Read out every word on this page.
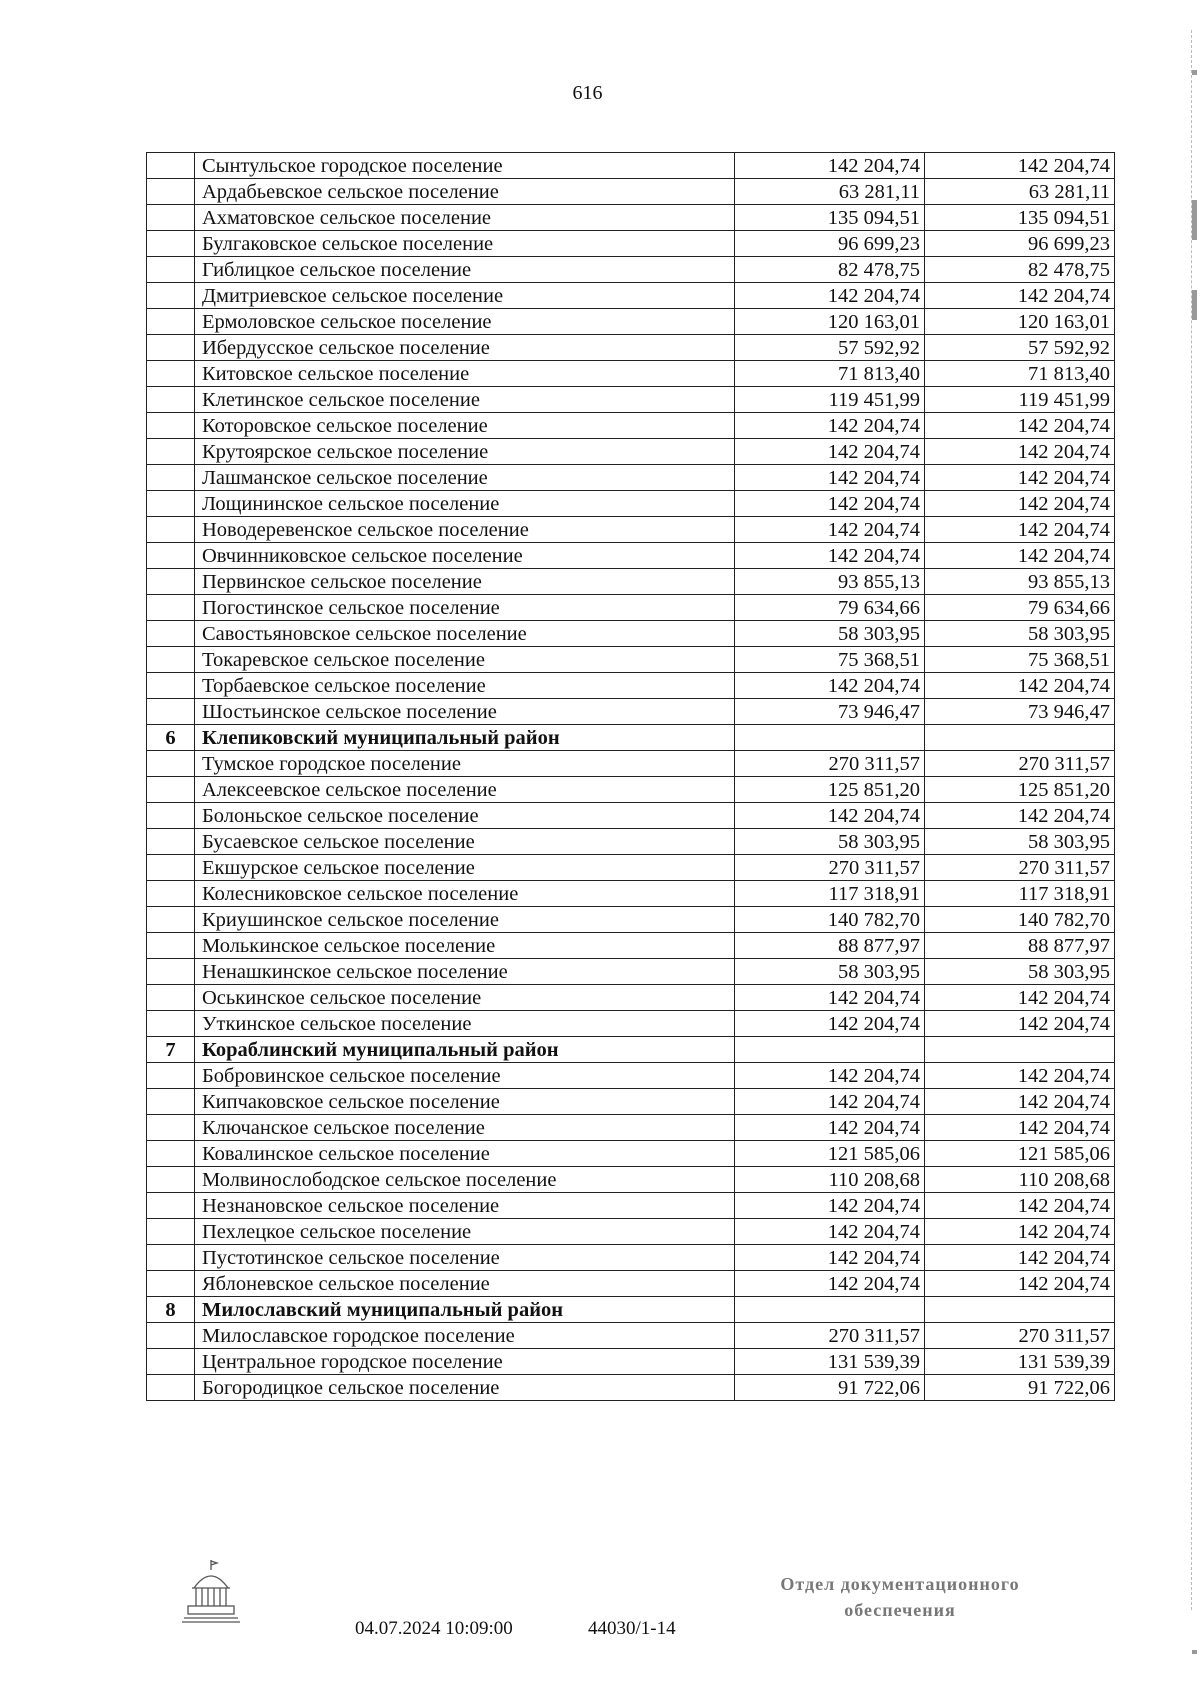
616
	Сынтульское городское поселение	142 204,74	142 204,74
	Ардабьевское сельское поселение	63 281,11	63 281,11
	Ахматовское сельское поселение	135 094,51	135 094,51
	Булгаковское сельское поселение	96 699,23	96 699,23
	Гиблицкое сельское поселение	82 478,75	82 478,75
	Дмитриевское сельское поселение	142 204,74	142 204,74
	Ермоловское сельское поселение	120 163,01	120 163,01
	Ибердусское сельское поселение	57 592,92	57 592,92
	Китовское сельское поселение	71 813,40	71 813,40
	Клетинское сельское поселение	119 451,99	119 451,99
	Которовское сельское поселение	142 204,74	142 204,74
	Крутоярское сельское поселение	142 204,74	142 204,74
	Лашманское сельское поселение	142 204,74	142 204,74
	Лощининское сельское поселение	142 204,74	142 204,74
	Новодеревенское сельское поселение	142 204,74	142 204,74
	Овчинниковское сельское поселение	142 204,74	142 204,74
	Первинское сельское поселение	93 855,13	93 855,13
	Погостинское сельское поселение	79 634,66	79 634,66
	Савостьяновское сельское поселение	58 303,95	58 303,95
	Токаревское сельское поселение	75 368,51	75 368,51
	Торбаевское сельское поселение	142 204,74	142 204,74
	Шостьинское сельское поселение	73 946,47	73 946,47
6	Клепиковский муниципальный район		
	Тумское городское поселение	270 311,57	270 311,57
	Алексеевское сельское поселение	125 851,20	125 851,20
	Болоньское сельское поселение	142 204,74	142 204,74
	Бусаевское сельское поселение	58 303,95	58 303,95
	Екшурское сельское поселение	270 311,57	270 311,57
	Колесниковское сельское поселение	117 318,91	117 318,91
	Криушинское сельское поселение	140 782,70	140 782,70
	Молькинское сельское поселение	88 877,97	88 877,97
	Ненашкинское сельское поселение	58 303,95	58 303,95
	Оськинское сельское поселение	142 204,74	142 204,74
	Уткинское сельское поселение	142 204,74	142 204,74
7	Кораблинский муниципальный район		
	Бобровинское сельское поселение	142 204,74	142 204,74
	Кипчаковское сельское поселение	142 204,74	142 204,74
	Ключанское сельское поселение	142 204,74	142 204,74
	Ковалинское сельское поселение	121 585,06	121 585,06
	Молвинослободское сельское поселение	110 208,68	110 208,68
	Незнановское сельское поселение	142 204,74	142 204,74
	Пехлецкое сельское поселение	142 204,74	142 204,74
	Пустотинское сельское поселение	142 204,74	142 204,74
	Яблоневское сельское поселение	142 204,74	142 204,74
8	Милославский муниципальный район		
	Милославское городское поселение	270 311,57	270 311,57
	Центральное городское поселение	131 539,39	131 539,39
	Богородицкое сельское поселение	91 722,06	91 722,06
04.07.2024 10:09:00	44030/1-14
Отдел документационного
обеспечения
